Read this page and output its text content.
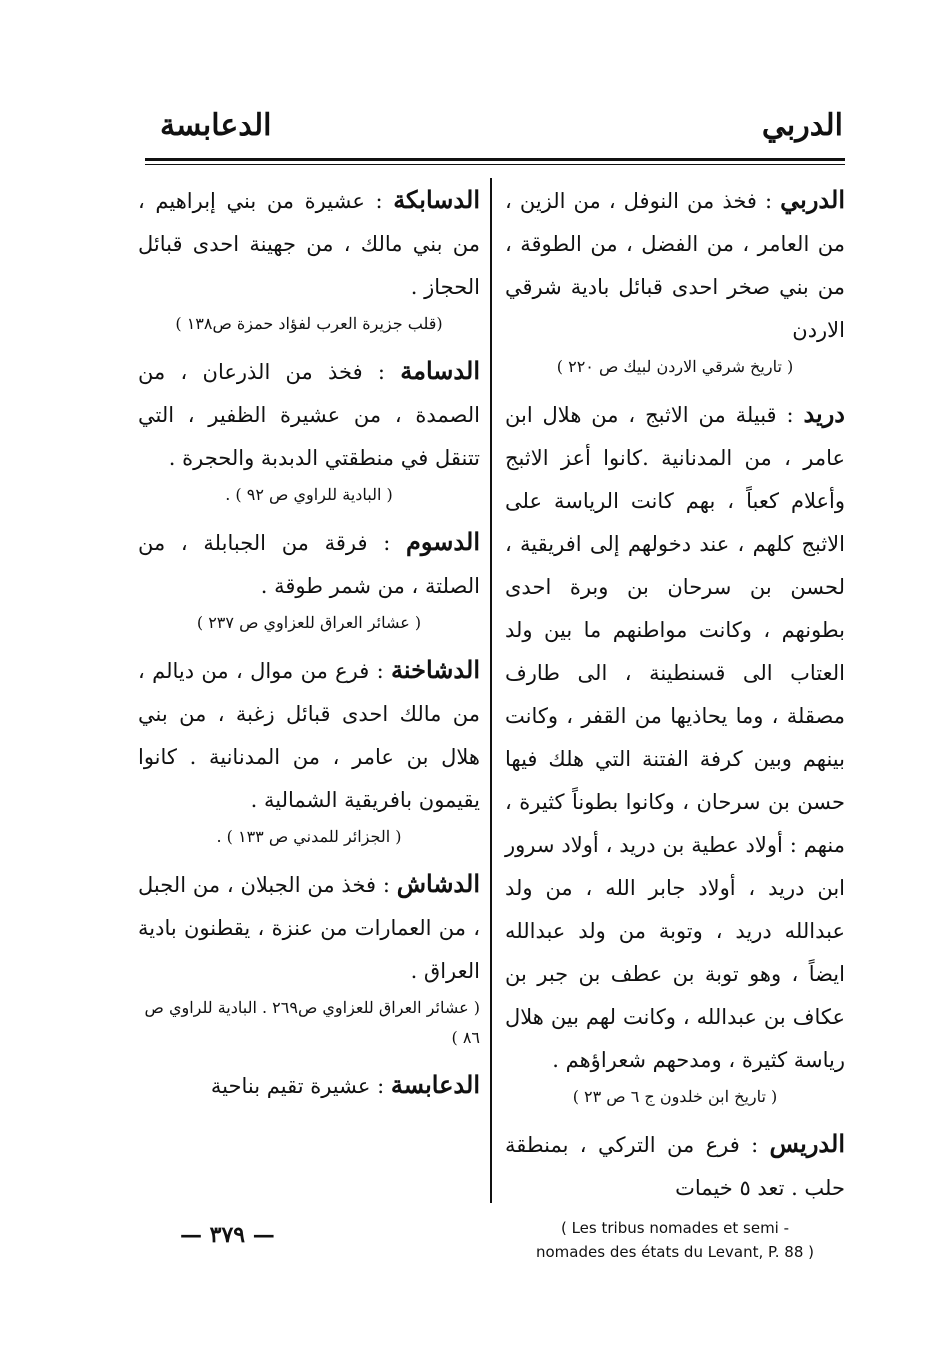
الدربي
الدعابسة

الدربي : فخذ من النوفل ، من الزين ، من العامر ، من الفضل ، من الطوقة ، من بني صخر احدى قبائل بادية شرقي الاردن

( تاريخ شرقي الاردن لبيك ص ٢٢٠ )

دريد : قبيلة من الاثبج ، من هلال ابن عامر ، من المدنانية .كانوا أعز الاثبج وأعلام كعباً ، بهم كانت الرياسة على الاثبج كلهم ، عند دخولهم إلى افريقية ، لحسن بن سرحان بن وبرة احدى بطونهم ، وكانت مواطنهم ما بين ولد العتاب الى قسنطينة ، الى طارف مصقلة ، وما يحاذيها من القفر ، وكانت بينهم وبين كرفة الفتنة التي هلك فيها حسن بن سرحان ، وكانوا بطوناً كثيرة ، منهم : أولاد عطية بن دريد ، أولاد سرور ابن دريد ، أولاد جابر الله ، من ولد عبدالله دريد ، وتوبة من ولد عبدالله ايضاً ، وهو توبة بن عطف بن جبر بن عكاف بن عبدالله ، وكانت لهم بين هلال رياسة كثيرة ، ومدحهم شعراؤهم .

( تاريخ ابن خلدون ج ٦ ص ٢٣ )

الدريس : فرع من التركي ، بمنطقة حلب . تعد ٥ خيمات

( Les tribus nomades et semi -
nomades des états du Levant, P. 88 )

الدسابكة : عشيرة من بني إبراهيم ، من بني مالك ، من جهينة احدى قبائل الحجاز .

(قلب جزيرة العرب لفؤاد حمزة ص١٣٨ )

الدسامة : فخذ من الذرعان ، من الصمدة ، من عشيرة الظفير ، التي تتنقل في منطقتي الدبدبة والحجرة .

( البادية للراوي ص ٩٢ ) .

الدسوم : فرقة من الجبابلة ، من الصلتة ، من شمر طوقة .

( عشائر العراق للعزاوي ص ٢٣٧ )

الدشاخنة : فرع من موال ، من ديالم ، من مالك احدى قبائل زغبة ، من بني هلال بن عامر ، من المدنانية . كانوا يقيمون بافريقية الشمالية .

( الجزائر للمدني ص ١٣٣ ) .

الدشاش : فخذ من الجبلان ، من الجبل ، من العمارات من عنزة ، يقطنون بادية العراق .

( عشائر العراق للعزاوي ص٢٦٩ . البادية للراوي ص ٨٦ )

الدعابسة : عشيرة تقيم بناحية

— ٣٧٩ —
